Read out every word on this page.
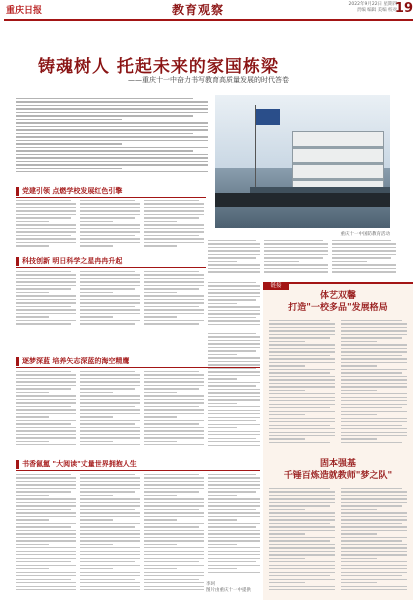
重庆日报	教育观察	2022年9月22日 星期四
责编 编辑 美编 校对
19
铸魂树人 托起未来的家国栋梁
——重庆十一中奋力书写教育高质量发展的时代答卷
重庆十一中国防教育活动
党建引领 点燃学校发展红色引擎
科技创新 明日科学之星冉冉升起
逐梦深蓝 培养矢志深蓝的海空精鹰
书香氤氲 "大阅读"丈量世界拥抱人生
体艺双馨
打造"一校多品"发展格局
固本强基
千锤百炼造就教师"梦之队"
链接
李珂
图片由重庆十一中提供
